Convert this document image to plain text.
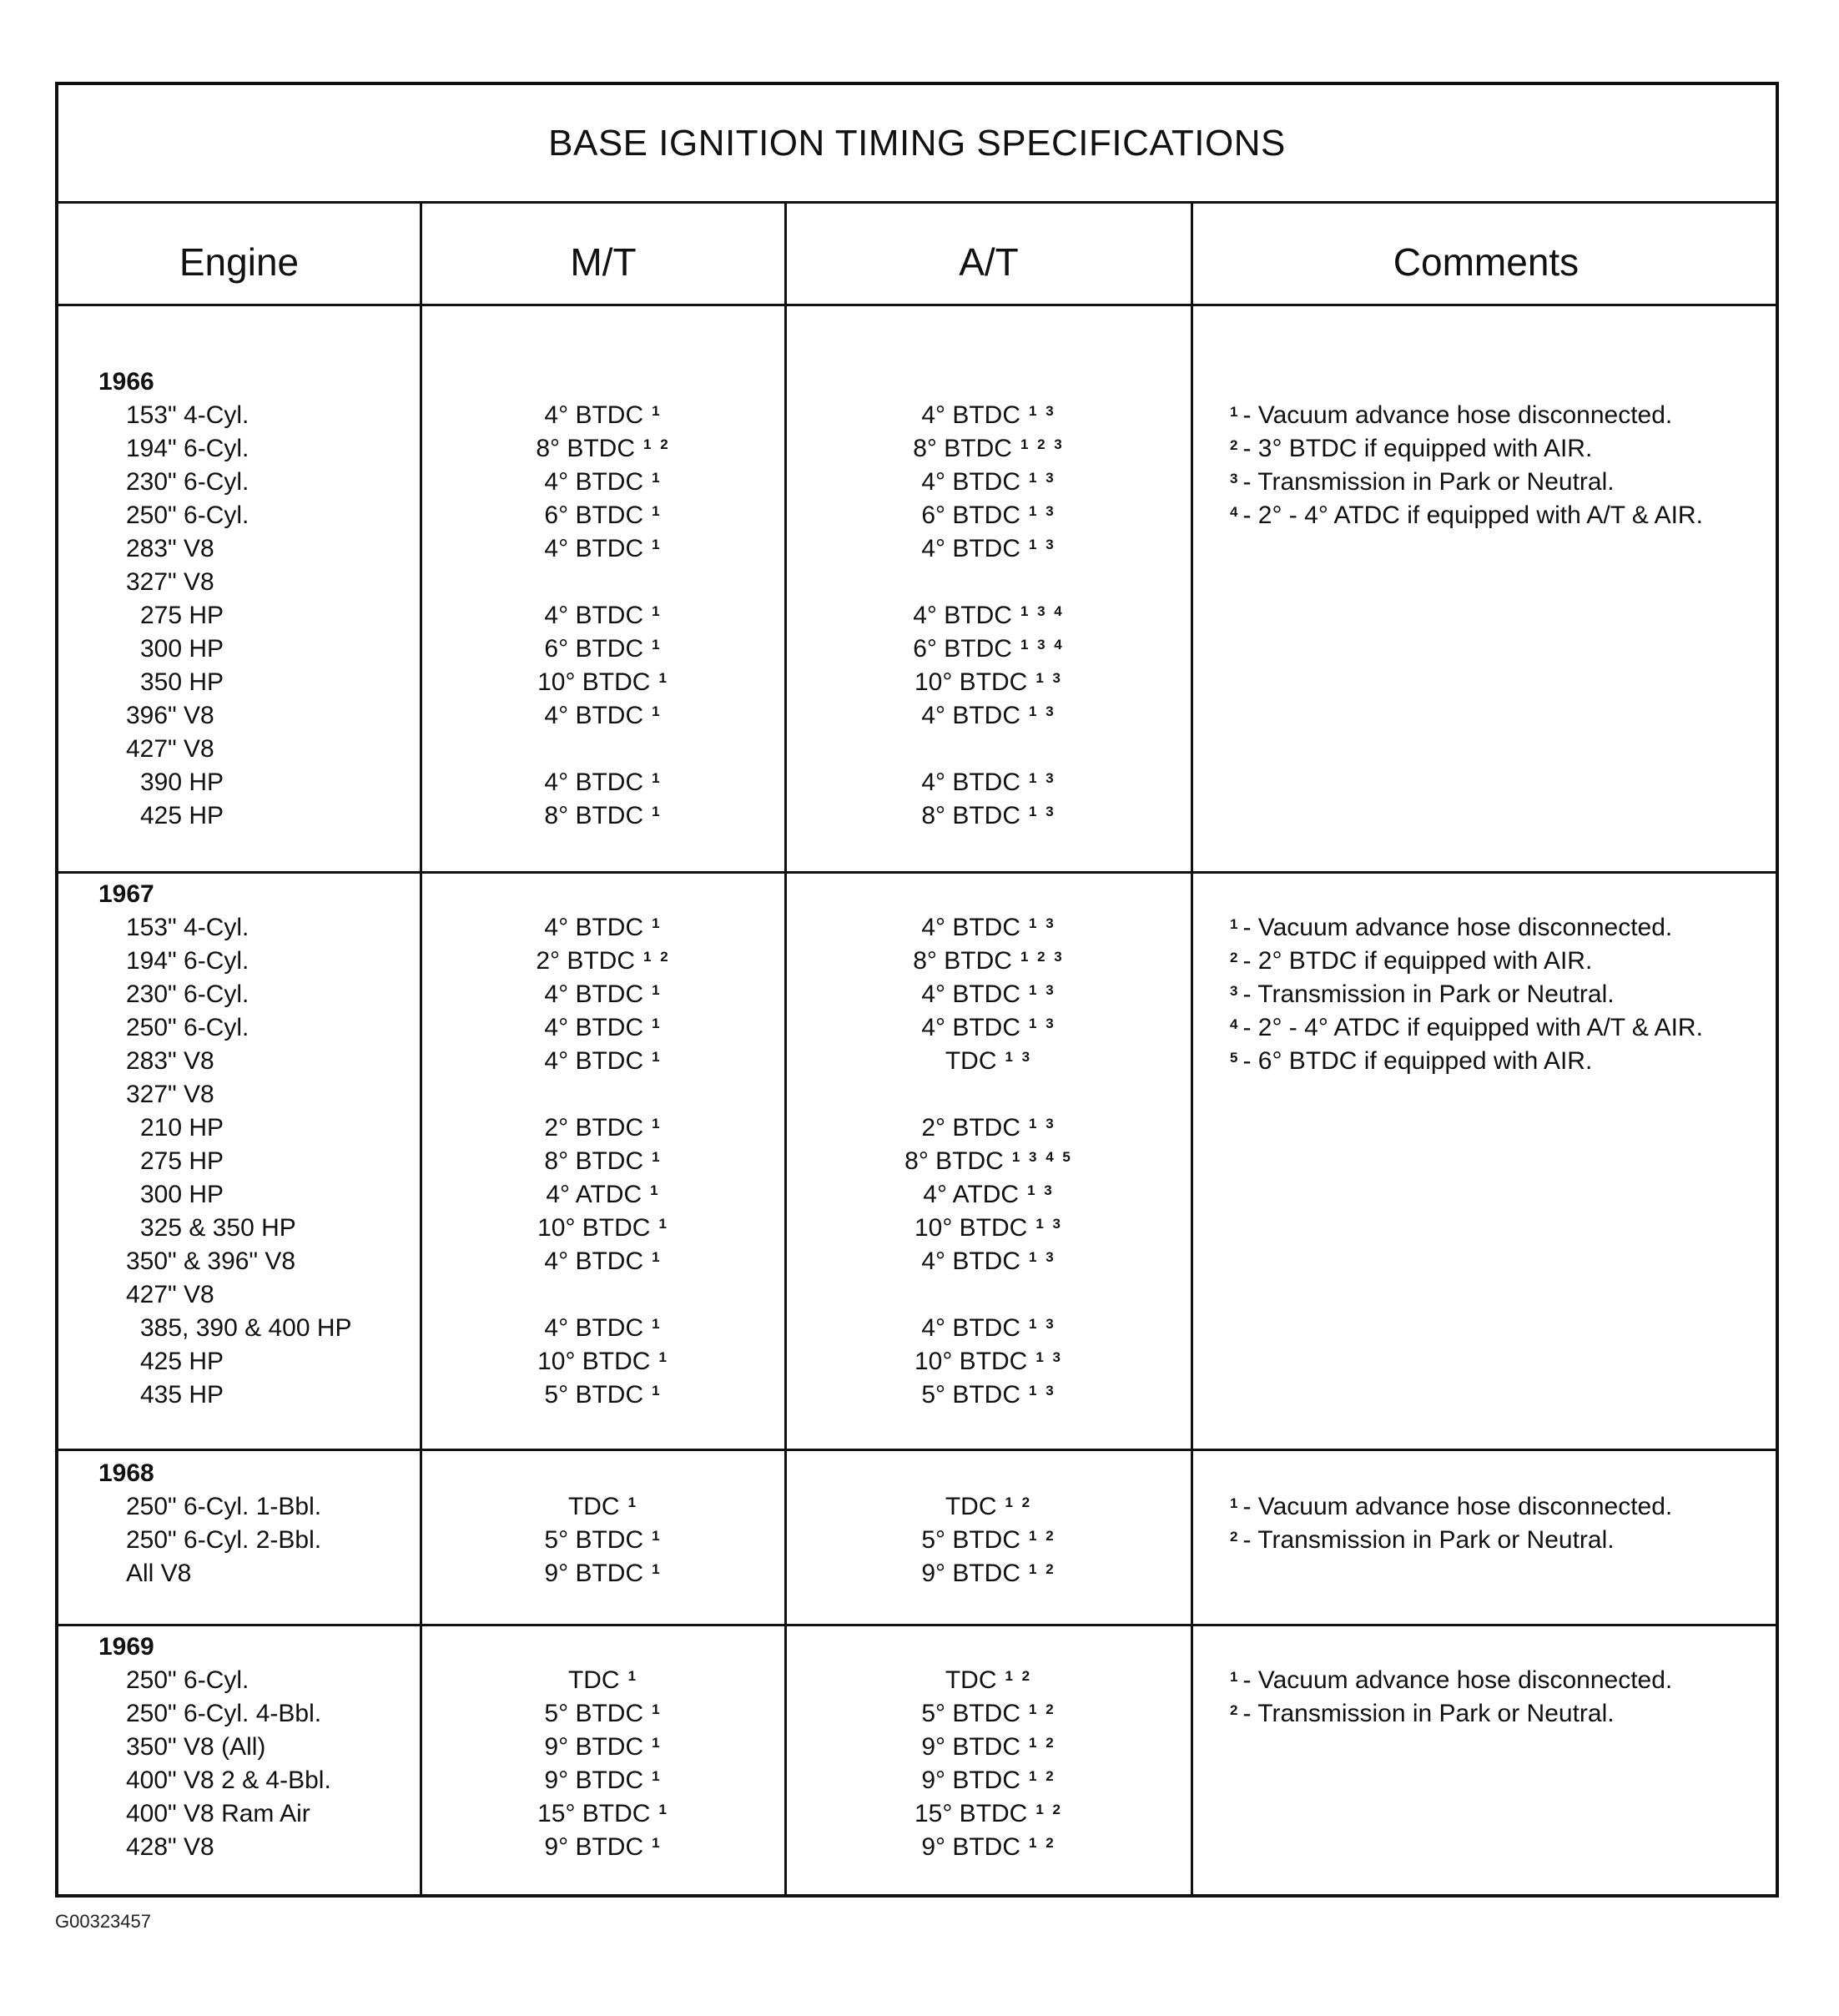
BASE IGNITION TIMING SPECIFICATIONS
Engine	M/T	A/T	Comments
1966
153" 4-Cyl.	4° BTDC $^1$	4° BTDC $^{1 3}$
194" 6-Cyl.	8° BTDC $^{1 2}$	8° BTDC $^{1 2 3}$
230" 6-Cyl.	4° BTDC $^1$	4° BTDC $^{1 3}$
250" 6-Cyl.	6° BTDC $^1$	6° BTDC $^{1 3}$
283" V8	4° BTDC $^1$	4° BTDC $^{1 3}$
327" V8
275 HP	4° BTDC $^1$	4° BTDC $^{1 3 4}$
300 HP	6° BTDC $^1$	6° BTDC $^{1 3 4}$
350 HP	10° BTDC $^1$	10° BTDC $^{1 3}$
396" V8	4° BTDC $^1$	4° BTDC $^{1 3}$
427" V8
390 HP	4° BTDC $^1$	4° BTDC $^{1 3}$
425 HP	8° BTDC $^1$	8° BTDC $^{1 3}$
$^1$ - Vacuum advance hose disconnected.
$^2$ - 3° BTDC if equipped with AIR.
$^3$ - Transmission in Park or Neutral.
$^4$ - 2° - 4° ATDC if equipped with A/T & AIR.
1967
153" 4-Cyl.	4° BTDC $^1$	4° BTDC $^{1 3}$
194" 6-Cyl.	2° BTDC $^{1 2}$	8° BTDC $^{1 2 3}$
230" 6-Cyl.	4° BTDC $^1$	4° BTDC $^{1 3}$
250" 6-Cyl.	4° BTDC $^1$	4° BTDC $^{1 3}$
283" V8	4° BTDC $^1$	TDC $^{1 3}$
327" V8
210 HP	2° BTDC $^1$	2° BTDC $^{1 3}$
275 HP	8° BTDC $^1$	8° BTDC $^{1 3 4 5}$
300 HP	4° ATDC $^1$	4° ATDC $^{1 3}$
325 & 350 HP	10° BTDC $^1$	10° BTDC $^{1 3}$
350" & 396" V8	4° BTDC $^1$	4° BTDC $^{1 3}$
427" V8
385, 390 & 400 HP	4° BTDC $^1$	4° BTDC $^{1 3}$
425 HP	10° BTDC $^1$	10° BTDC $^{1 3}$
435 HP	5° BTDC $^1$	5° BTDC $^{1 3}$
$^1$ - Vacuum advance hose disconnected.
$^2$ - 2° BTDC if equipped with AIR.
$^3$ - Transmission in Park or Neutral.
$^4$ - 2° - 4° ATDC if equipped with A/T & AIR.
$^5$ - 6° BTDC if equipped with AIR.
1968
250" 6-Cyl. 1-Bbl.	TDC $^1$	TDC $^{1 2}$
250" 6-Cyl. 2-Bbl.	5° BTDC $^1$	5° BTDC $^{1 2}$
All V8	9° BTDC $^1$	9° BTDC $^{1 2}$
$^1$ - Vacuum advance hose disconnected.
$^2$ - Transmission in Park or Neutral.
1969
250" 6-Cyl.	TDC $^1$	TDC $^{1 2}$
250" 6-Cyl. 4-Bbl.	5° BTDC $^1$	5° BTDC $^{1 2}$
350" V8 (All)	9° BTDC $^1$	9° BTDC $^{1 2}$
400" V8 2 & 4-Bbl.	9° BTDC $^1$	9° BTDC $^{1 2}$
400" V8 Ram Air	15° BTDC $^1$	15° BTDC $^{1 2}$
428" V8	9° BTDC $^1$	9° BTDC $^{1 2}$
$^1$ - Vacuum advance hose disconnected.
$^2$ - Transmission in Park or Neutral.
G00323457
